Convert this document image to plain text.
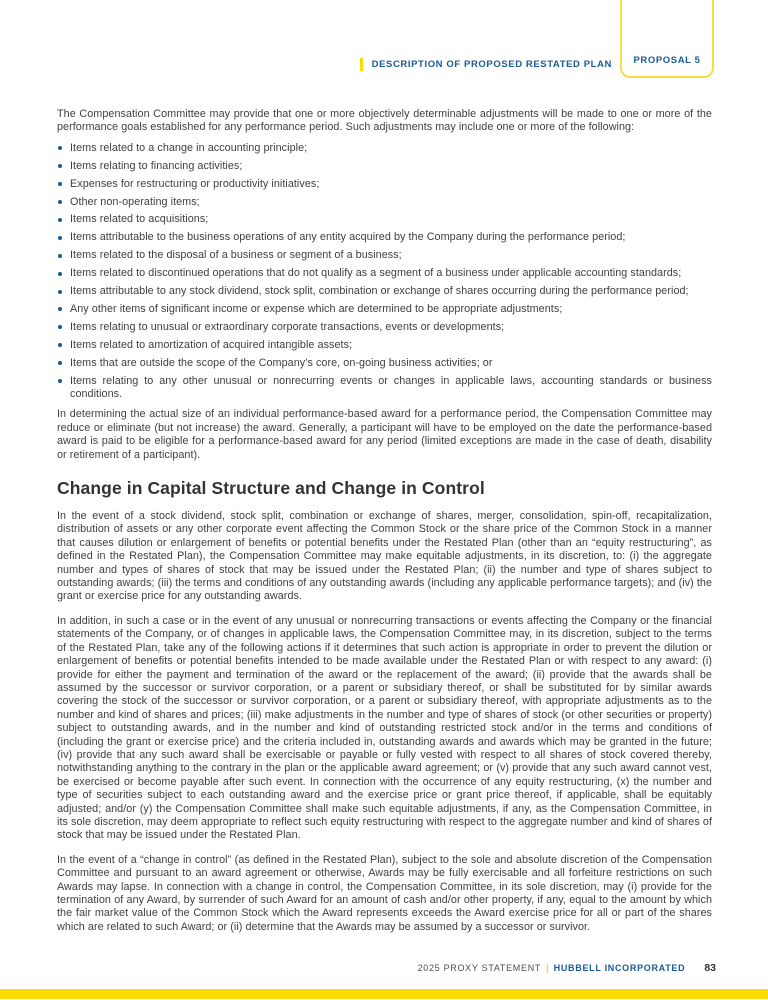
DESCRIPTION OF PROPOSED RESTATED PLAN PROPOSAL 5

The Compensation Committee may provide that one or more objectively determinable adjustments will be made to one or more of the performance goals established for any performance period. Such adjustments may include one or more of the following:

Items related to a change in accounting principle;
Items relating to financing activities;
Expenses for restructuring or productivity initiatives;
Other non-operating items;
Items related to acquisitions;
Items attributable to the business operations of any entity acquired by the Company during the performance period;
Items related to the disposal of a business or segment of a business;
Items related to discontinued operations that do not qualify as a segment of a business under applicable accounting standards;
Items attributable to any stock dividend, stock split, combination or exchange of shares occurring during the performance period;
Any other items of significant income or expense which are determined to be appropriate adjustments;
Items relating to unusual or extraordinary corporate transactions, events or developments;
Items related to amortization of acquired intangible assets;
Items that are outside the scope of the Company’s core, on-going business activities; or
Items relating to any other unusual or nonrecurring events or changes in applicable laws, accounting standards or business conditions.

In determining the actual size of an individual performance-based award for a performance period, the Compensation Committee may reduce or eliminate (but not increase) the award. Generally, a participant will have to be employed on the date the performance-based award is paid to be eligible for a performance-based award for any period (limited exceptions are made in the case of death, disability or retirement of a participant).

Change in Capital Structure and Change in Control

In the event of a stock dividend, stock split, combination or exchange of shares, merger, consolidation, spin-off, recapitalization, distribution of assets or any other corporate event affecting the Common Stock or the share price of the Common Stock in a manner that causes dilution or enlargement of benefits or potential benefits under the Restated Plan (other than an “equity restructuring”, as defined in the Restated Plan), the Compensation Committee may make equitable adjustments, in its discretion, to: (i) the aggregate number and types of shares of stock that may be issued under the Restated Plan; (ii) the number and type of shares subject to outstanding awards; (iii) the terms and conditions of any outstanding awards (including any applicable performance targets); and (iv) the grant or exercise price for any outstanding awards.

In addition, in such a case or in the event of any unusual or nonrecurring transactions or events affecting the Company or the financial statements of the Company, or of changes in applicable laws, the Compensation Committee may, in its discretion, subject to the terms of the Restated Plan, take any of the following actions if it determines that such action is appropriate in order to prevent the dilution or enlargement of benefits or potential benefits intended to be made available under the Restated Plan or with respect to any award: (i) provide for either the payment and termination of the award or the replacement of the award; (ii) provide that the awards shall be assumed by the successor or survivor corporation, or a parent or subsidiary thereof, or shall be substituted for by similar awards covering the stock of the successor or survivor corporation, or a parent or subsidiary thereof, with appropriate adjustments as to the number and kind of shares and prices; (iii) make adjustments in the number and type of shares of stock (or other securities or property) subject to outstanding awards, and in the number and kind of outstanding restricted stock and/or in the terms and conditions of (including the grant or exercise price) and the criteria included in, outstanding awards and awards which may be granted in the future; (iv) provide that any such award shall be exercisable or payable or fully vested with respect to all shares of stock covered thereby, notwithstanding anything to the contrary in the plan or the applicable award agreement; or (v) provide that any such award cannot vest, be exercised or become payable after such event. In connection with the occurrence of any equity restructuring, (x) the number and type of securities subject to each outstanding award and the exercise price or grant price thereof, if applicable, shall be equitably adjusted; and/or (y) the Compensation Committee shall make such equitable adjustments, if any, as the Compensation Committee, in its sole discretion, may deem appropriate to reflect such equity restructuring with respect to the aggregate number and kind of shares of stock that may be issued under the Restated Plan.

In the event of a “change in control” (as defined in the Restated Plan), subject to the sole and absolute discretion of the Compensation Committee and pursuant to an award agreement or otherwise, Awards may be fully exercisable and all forfeiture restrictions on such Awards may lapse. In connection with a change in control, the Compensation Committee, in its sole discretion, may (i) provide for the termination of any Award, by surrender of such Award for an amount of cash and/or other property, if any, equal to the amount by which the fair market value of the Common Stock which the Award represents exceeds the Award exercise price for all or part of the shares which are related to such Award; or (ii) determine that the Awards may be assumed by a successor or survivor.

2025 PROXY STATEMENT | HUBBELL INCORPORATED 83
